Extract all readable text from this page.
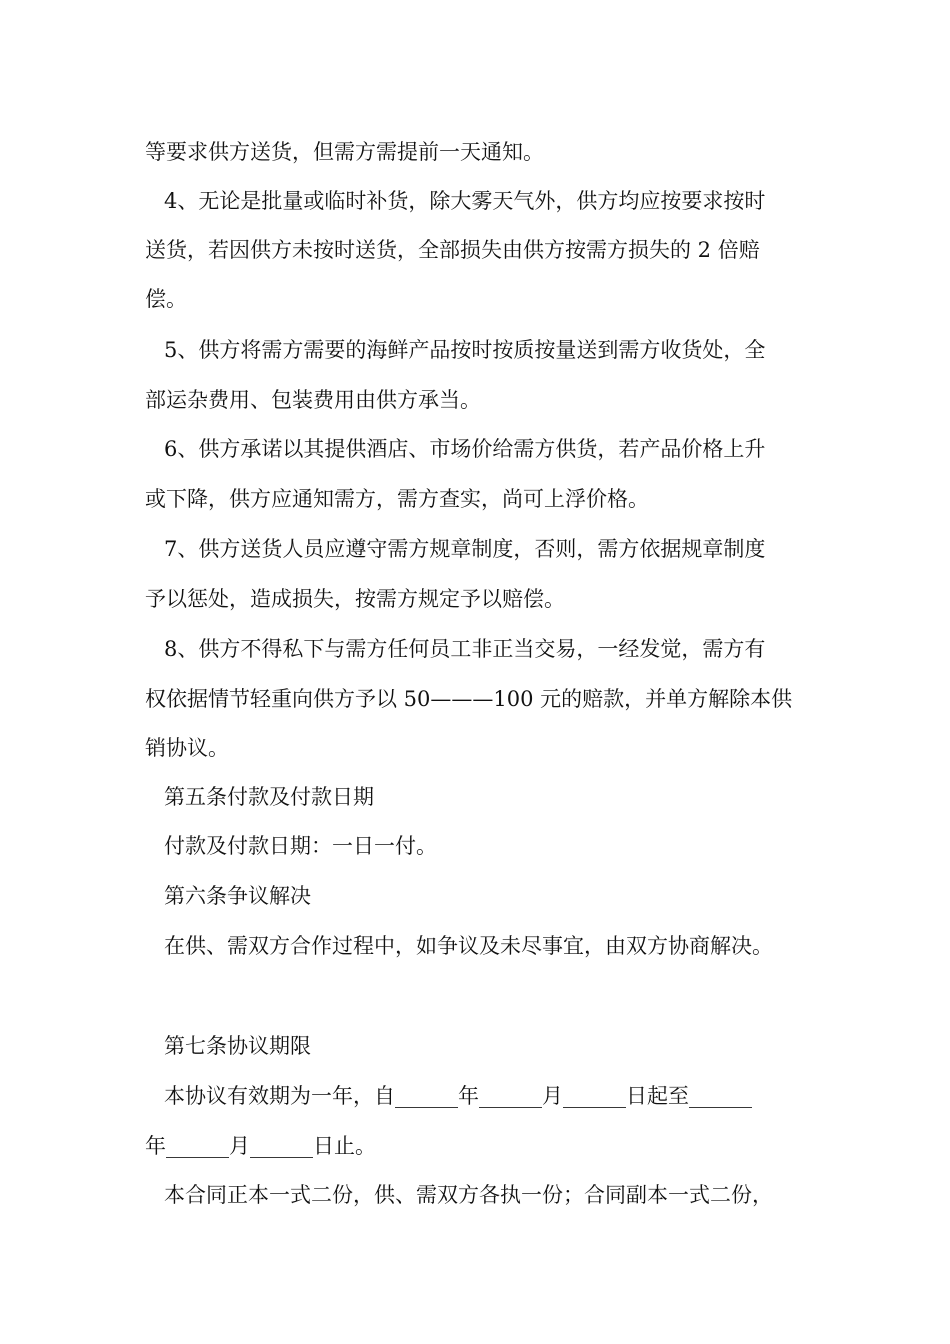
等要求供方送货，但需方需提前一天通知。
4、无论是批量或临时补货，除大雾天气外，供方均应按要求按时
送货，若因供方未按时送货，全部损失由供方按需方损失的 2 倍赔
偿。
5、供方将需方需要的海鲜产品按时按质按量送到需方收货处，全
部运杂费用、包装费用由供方承当。
6、供方承诺以其提供酒店、市场价给需方供货，若产品价格上升
或下降，供方应通知需方，需方查实，尚可上浮价格。
7、供方送货人员应遵守需方规章制度，否则，需方依据规章制度
予以惩处，造成损失，按需方规定予以赔偿。
8、供方不得私下与需方任何员工非正当交易，一经发觉，需方有
权依据情节轻重向供方予以 50———100 元的赔款，并单方解除本供
销协议。
第五条付款及付款日期
付款及付款日期：一日一付。
第六条争议解决
在供、需双方合作过程中，如争议及未尽事宜，由双方协商解决。
第七条协议期限
本协议有效期为一年，自______年______月______日起至______
年______月______日止。
本合同正本一式二份，供、需双方各执一份；合同副本一式二份，
